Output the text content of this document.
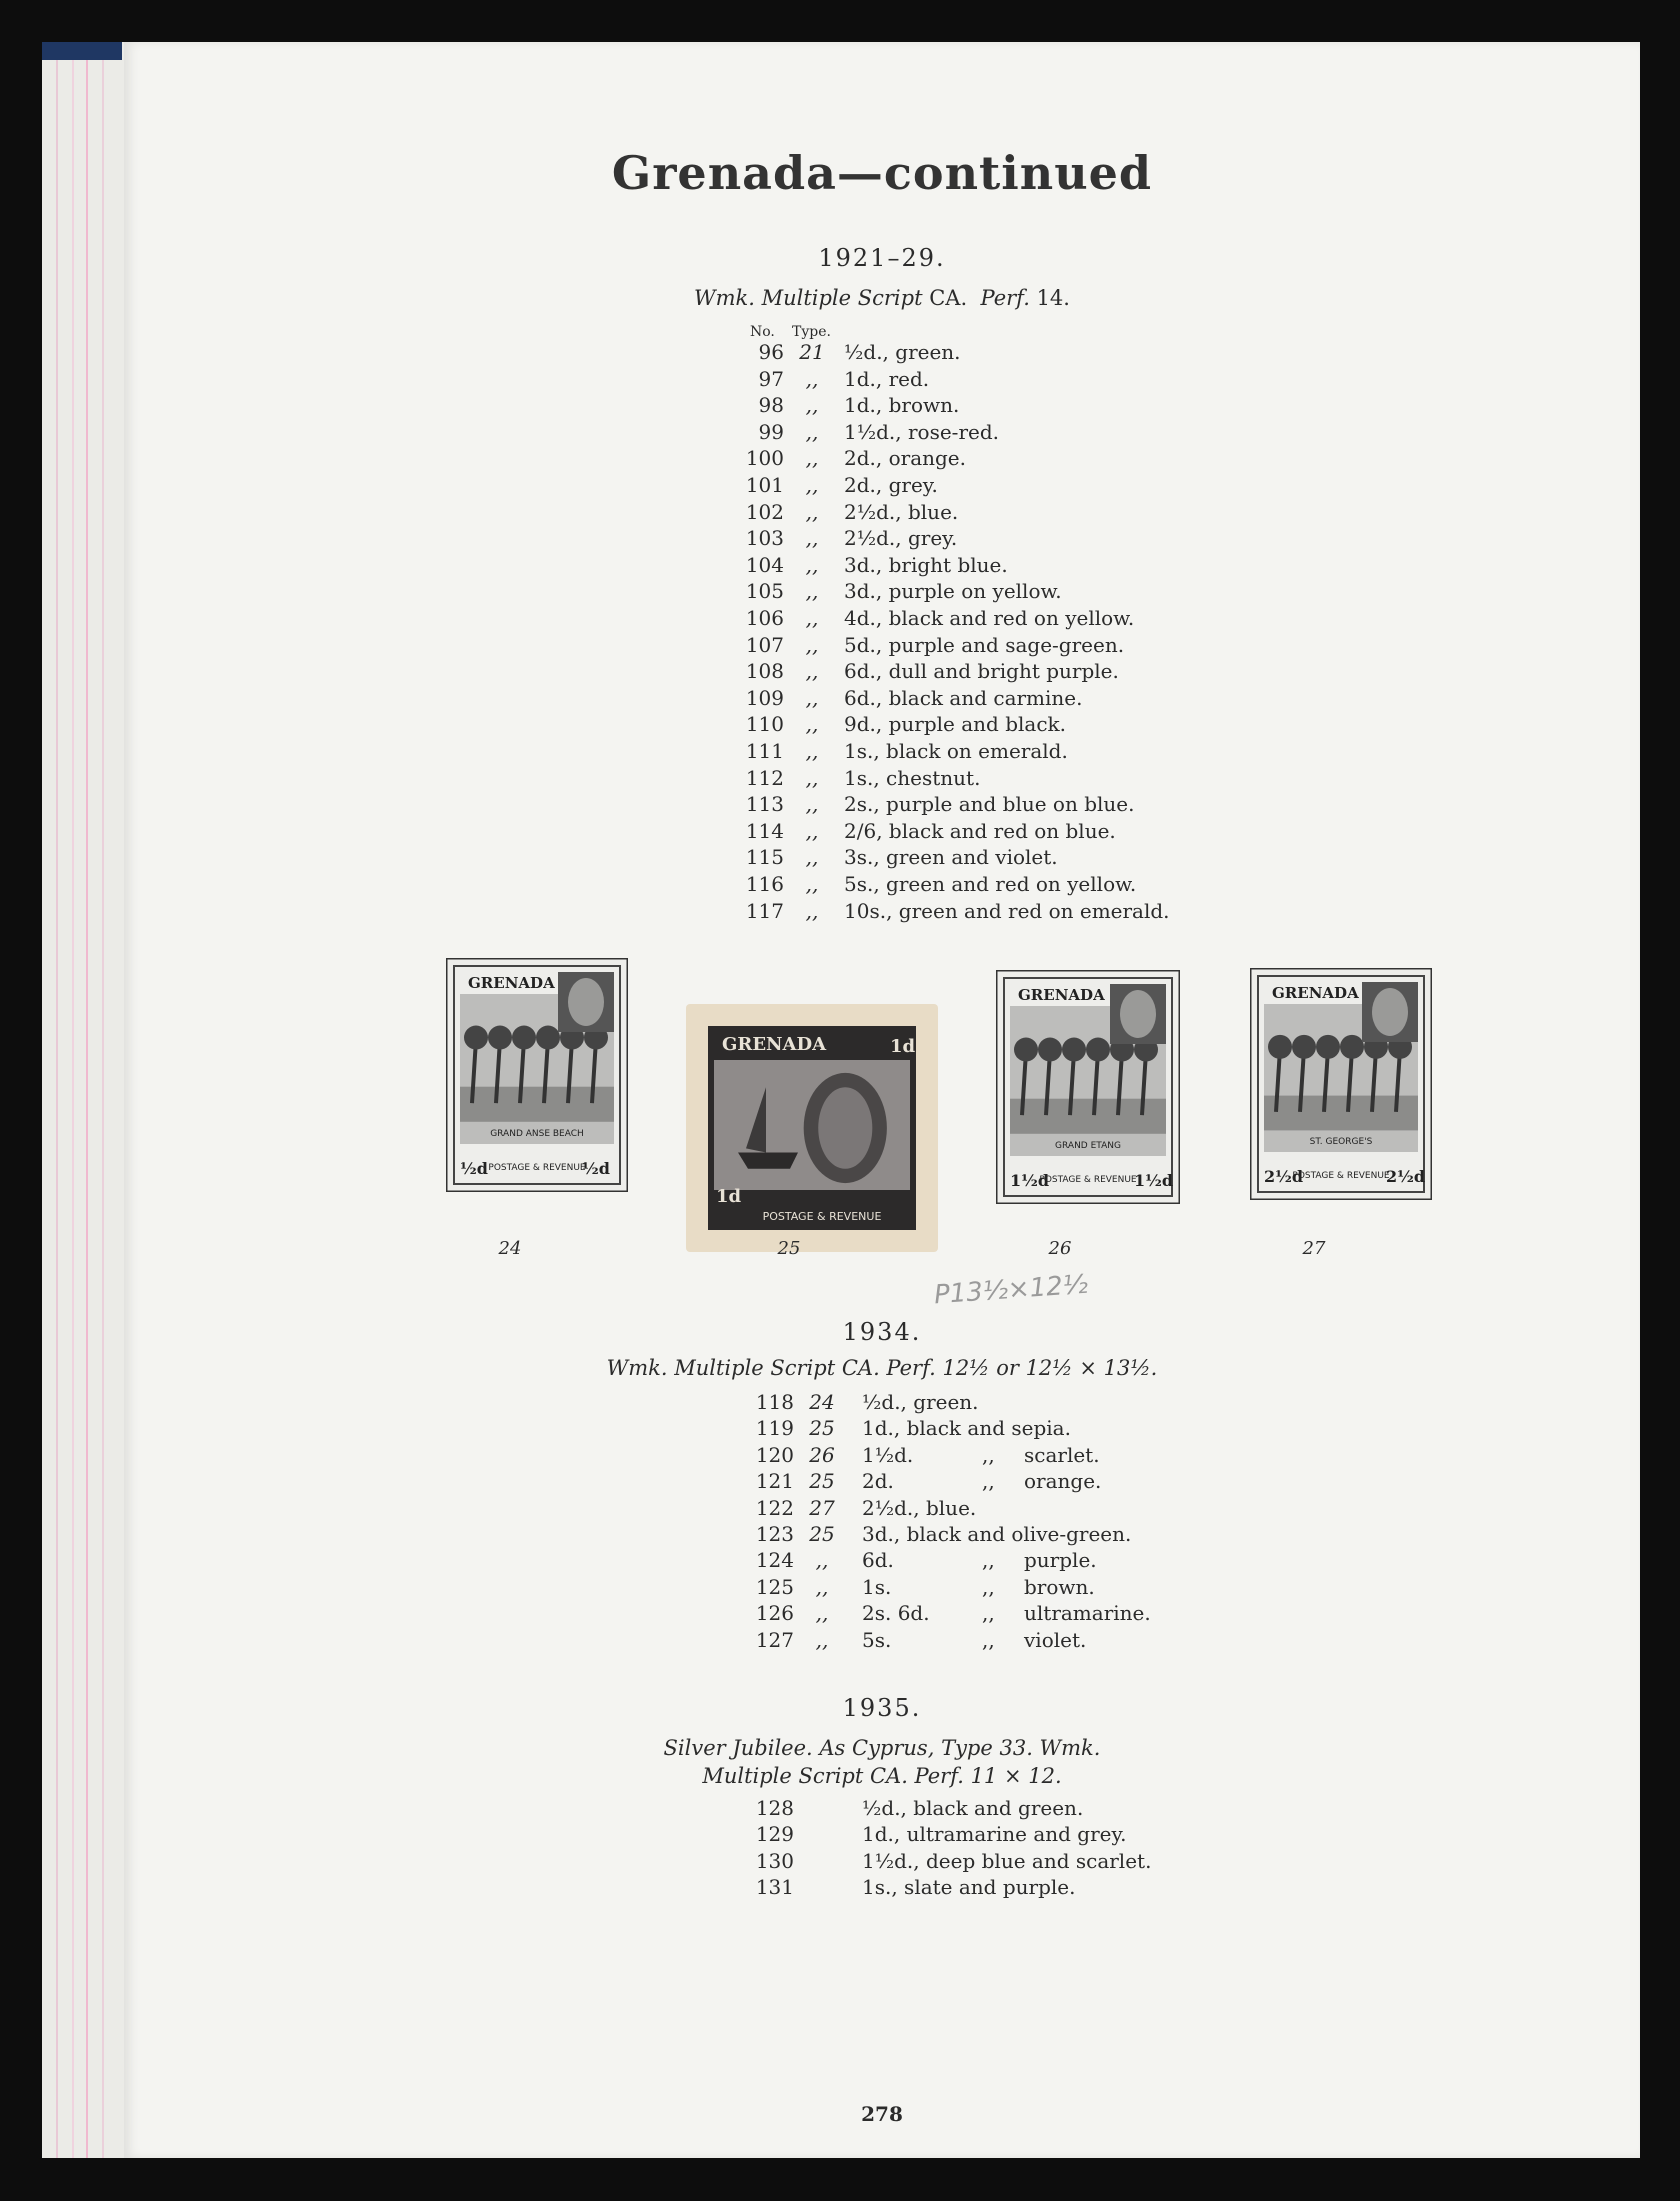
Grenada—continued
1921–29.
Wmk. Multiple Script CA. Perf. 14.
No. Type.
96 21 ½d., green.
97	,,	1d., red.
98	,,	1d., brown.
99	,,	1½d., rose-red.
100	,,	2d., orange.
101	,,	2d., grey.
102	,,	2½d., blue.
103	,,	2½d., grey.
104	,,	3d., bright blue.
105	,,	3d., purple on yellow.
106	,,	4d., black and red on yellow.
107	,,	5d., purple and sage-green.
108	,,	6d., dull and bright purple.
109	,,	6d., black and carmine.
110	,,	9d., purple and black.
111	,,	1s., black on emerald.
112	,,	1s., chestnut.
113	,,	2s., purple and blue on blue.
114	,,	2/6, black and red on blue.
115	,,	3s., green and violet.
116	,,	5s., green and red on yellow.
117	,,	10s., green and red on emerald.
GRENADA
GRAND ANSE BEACH
POSTAGE & REVENUE
½d	½d
24
GRENADA	1d
1d
POSTAGE & REVENUE
25
GRENADA
GRAND ETANG
POSTAGE & REVENUE
1½d	1½d
26
GRENADA
ST. GEORGE'S
POSTAGE & REVENUE
2½d	2½d
27
P13½×12½
1934.
Wmk. Multiple Script CA. Perf. 12½ or 12½ × 13½.
118 24	½d., green.
119 25	1d., black and sepia.
120 26	1½d.	,, scarlet.
121 25	2d.	,, orange.
122 27	2½d., blue.
123 25	3d., black and olive-green.
124	,,	6d.	,, purple.
125	,,	1s.	,, brown.
126	,,	2s. 6d.	,, ultramarine.
127	,,	5s.	,, violet.
1935.
Silver Jubilee. As Cyprus, Type 33. Wmk.
Multiple Script CA. Perf. 11 × 12.
128	½d., black and green.
129	1d., ultramarine and grey.
130	1½d., deep blue and scarlet.
131	1s., slate and purple.
278
